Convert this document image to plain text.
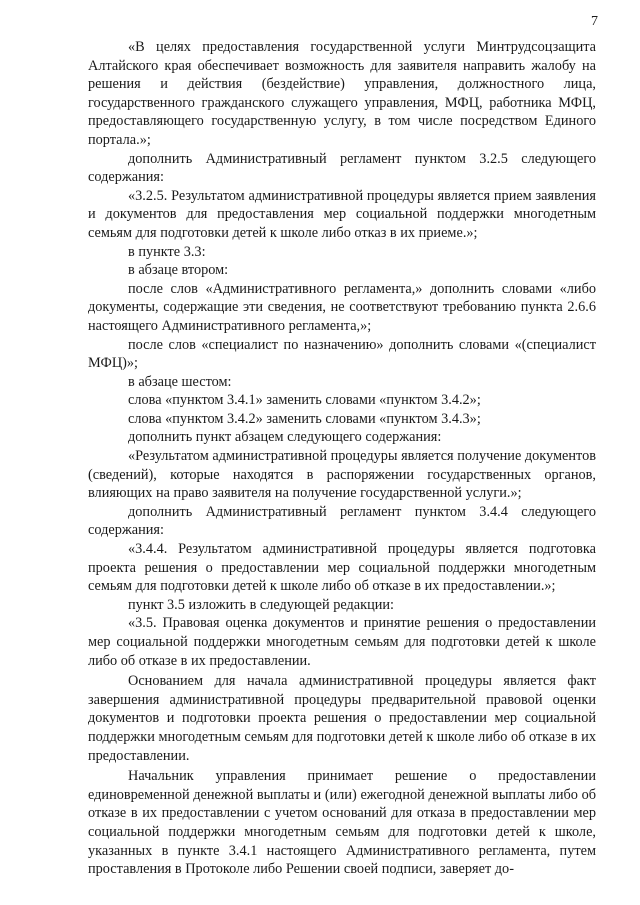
7

«В целях предоставления государственной услуги Минтрудсоцзащита Алтайского края обеспечивает возможность для заявителя направить жалобу на решения и действия (бездействие) управления, должностного лица, государственного гражданского служащего управления, МФЦ, работника МФЦ, предоставляющего государственную услугу, в том числе посредством Единого портала.»;

дополнить Административный регламент пунктом 3.2.5 следующего содержания:

«3.2.5. Результатом административной процедуры является прием заявления и документов для предоставления мер социальной поддержки многодетным семьям для подготовки детей к школе либо отказ в их приеме.»;

в пункте 3.3:

в абзаце втором:

после слов «Административного регламента,» дополнить словами «либо документы, содержащие эти сведения, не соответствуют требованию пункта 2.6.6 настоящего Административного регламента,»;

после слов «специалист по назначению» дополнить словами «(специалист МФЦ)»;

в абзаце шестом:

слова «пунктом 3.4.1» заменить словами «пунктом 3.4.2»;

слова «пунктом 3.4.2» заменить словами «пунктом 3.4.3»;

дополнить пункт абзацем следующего содержания:

«Результатом административной процедуры является получение документов (сведений), которые находятся в распоряжении государственных органов, влияющих на право заявителя на получение государственной услуги.»;

дополнить Административный регламент пунктом 3.4.4 следующего содержания:

«3.4.4. Результатом административной процедуры является подготовка проекта решения о предоставлении мер социальной поддержки многодетным семьям для подготовки детей к школе либо об отказе в их предоставлении.»;

пункт 3.5 изложить в следующей редакции:

«3.5. Правовая оценка документов и принятие решения о предоставлении мер социальной поддержки многодетным семьям для подготовки детей к школе либо об отказе в их предоставлении.

Основанием для начала административной процедуры является факт завершения административной процедуры предварительной правовой оценки документов и подготовки проекта решения о предоставлении мер социальной поддержки многодетным семьям для подготовки детей к школе либо об отказе в их предоставлении.

Начальник управления принимает решение о предоставлении единовременной денежной выплаты и (или) ежегодной денежной выплаты либо об отказе в их предоставлении с учетом оснований для отказа в предоставлении мер социальной поддержки многодетным семьям для подготовки детей к школе, указанных в пункте 3.4.1 настоящего Административного регламента, путем проставления в Протоколе либо Решении своей подписи, заверяет до-
